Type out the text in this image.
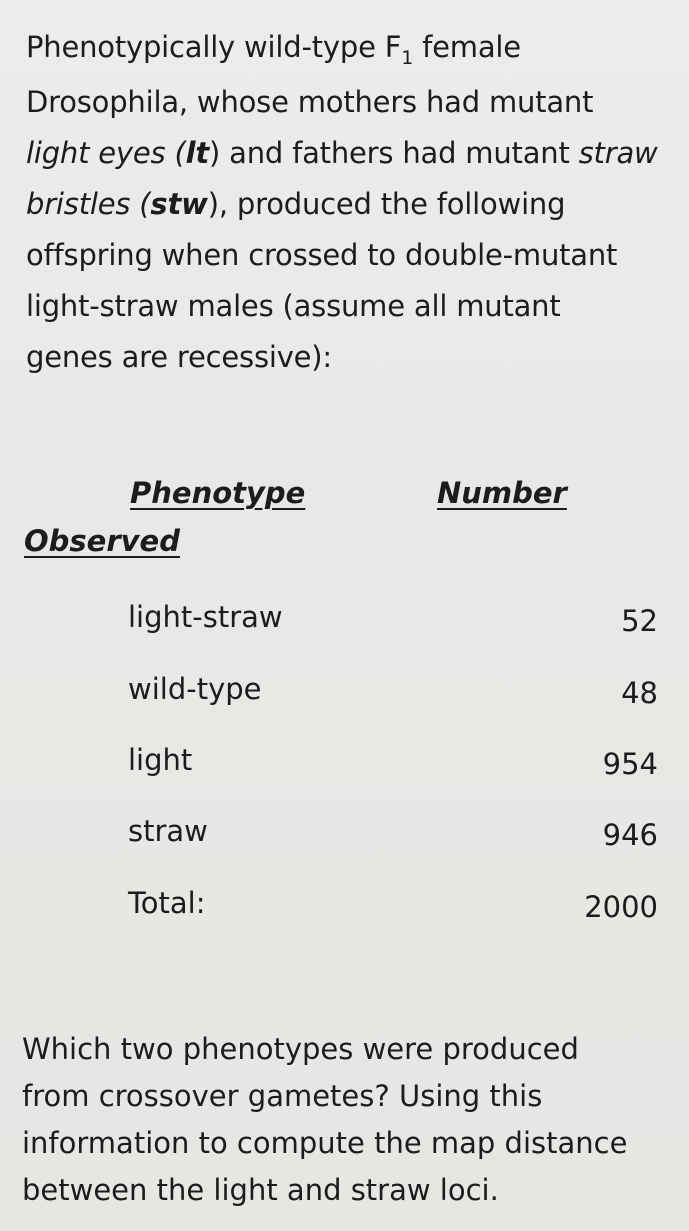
Phenotypically wild-type $F_1$ female
Drosophila, whose mothers had mutant
light eyes (lt) and fathers had mutant straw
bristles (stw), produced the following
offspring when crossed to double-mutant
light-straw males (assume all mutant
genes are recessive):
Phenotype	Number
Observed
light-straw	52
wild-type	48
light	954
straw	946
Total:	2000
Which two phenotypes were produced
from crossover gametes? Using this
information to compute the map distance
between the light and straw loci.
